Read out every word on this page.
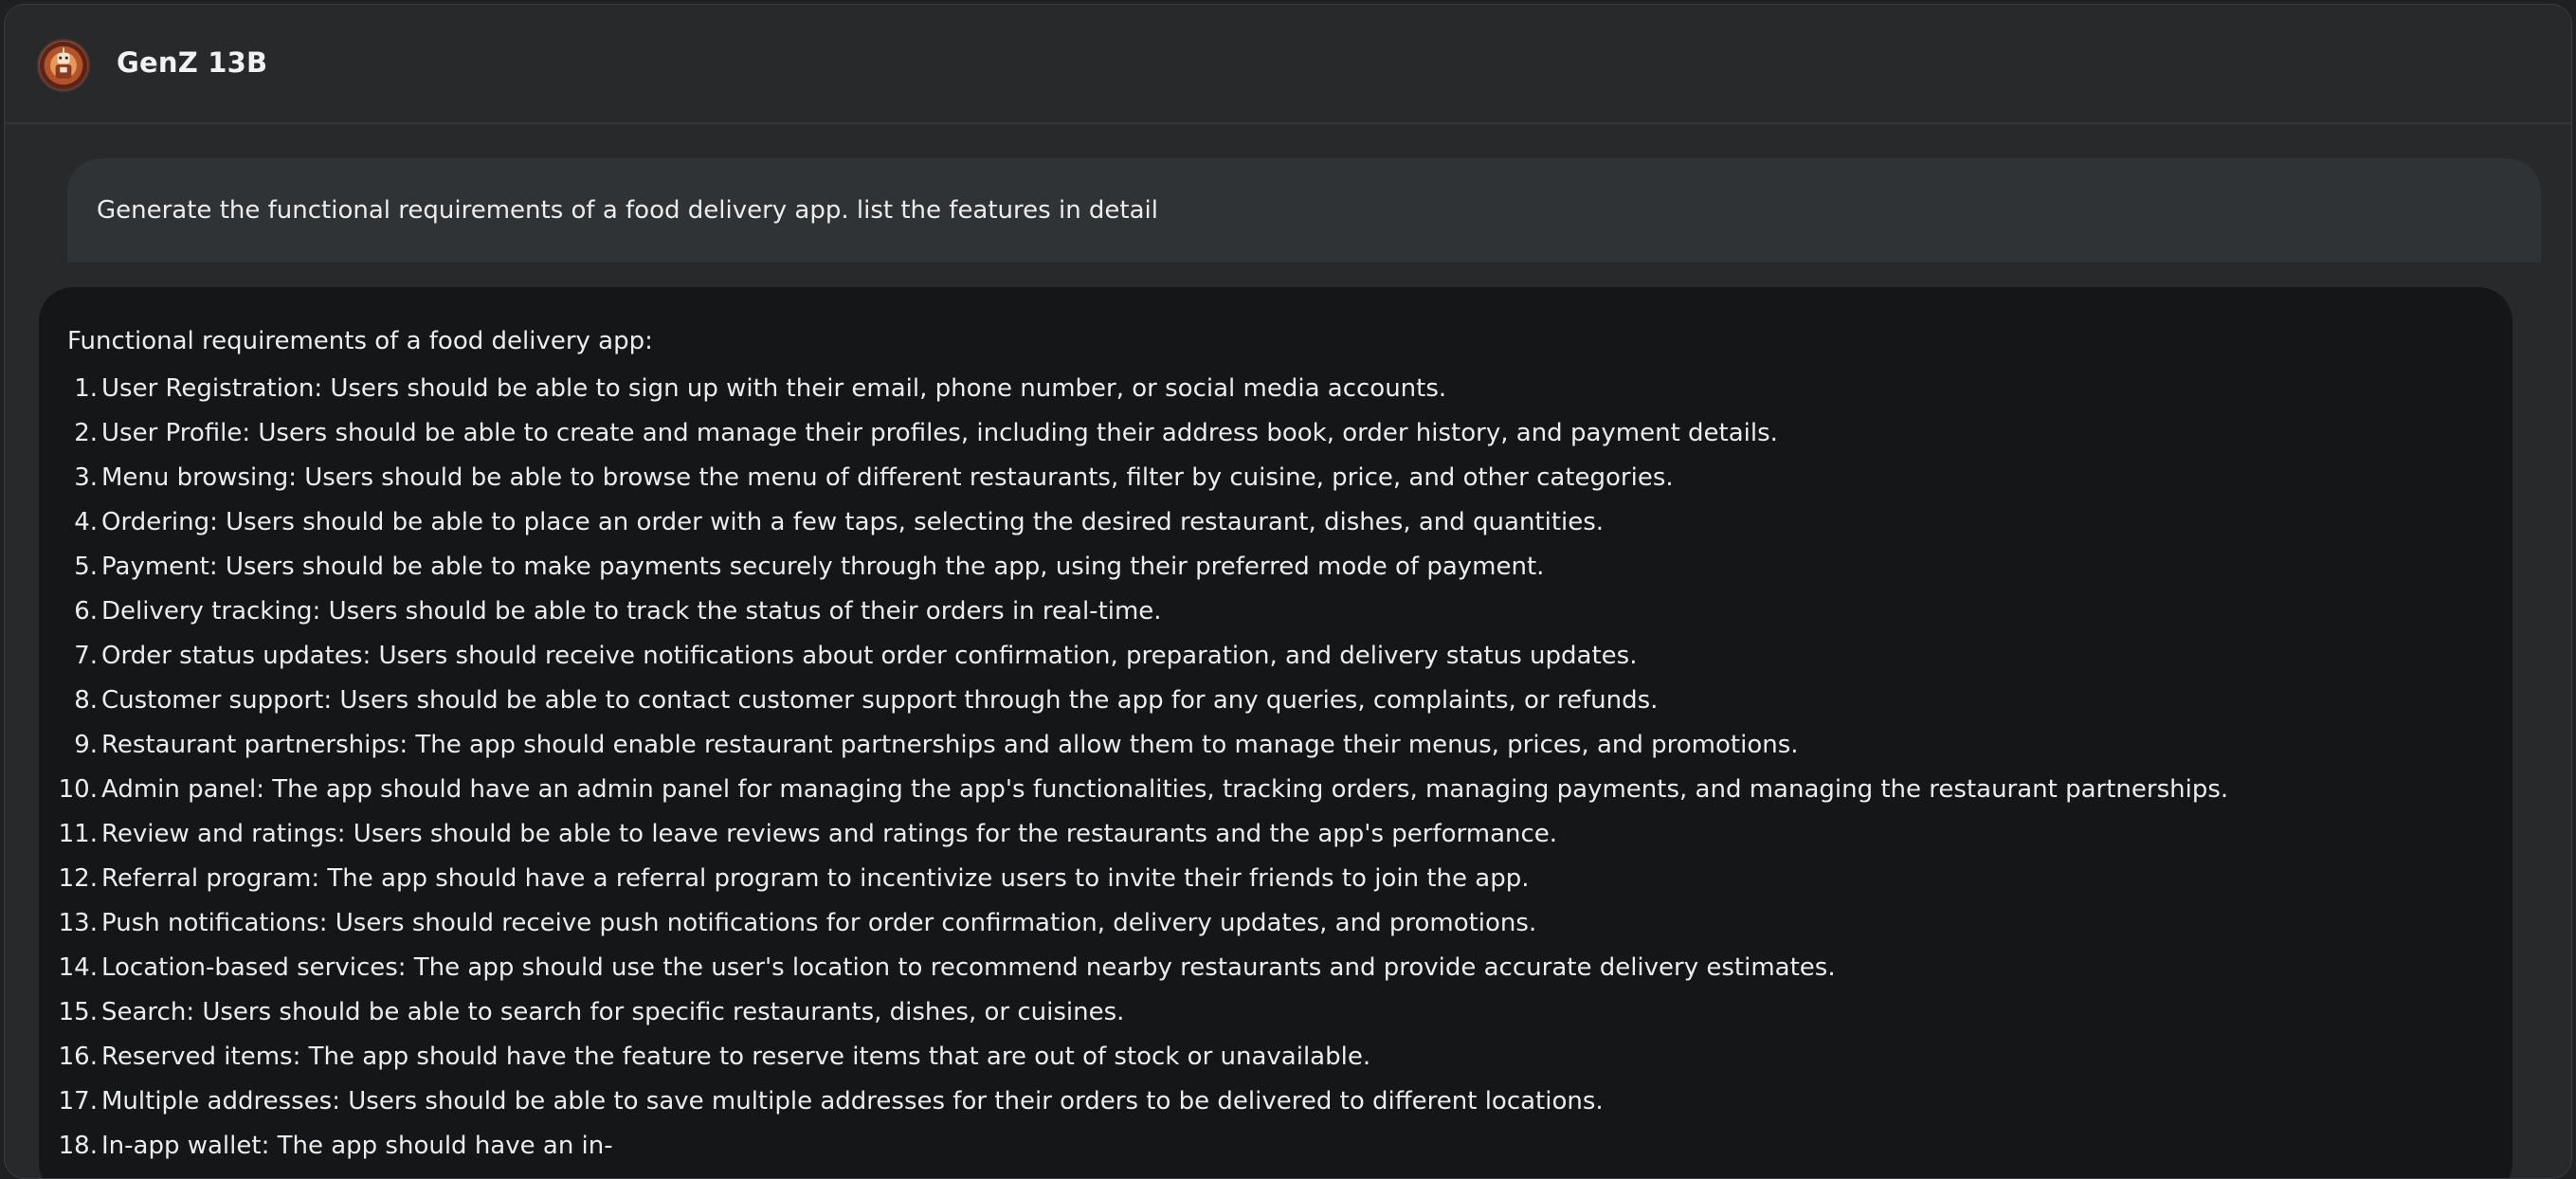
GenZ 13B
Generate the functional requirements of a food delivery app. list the features in detail
Functional requirements of a food delivery app:
1. User Registration: Users should be able to sign up with their email, phone number, or social media accounts.
2. User Profile: Users should be able to create and manage their profiles, including their address book, order history, and payment details.
3. Menu browsing: Users should be able to browse the menu of different restaurants, filter by cuisine, price, and other categories.
4. Ordering: Users should be able to place an order with a few taps, selecting the desired restaurant, dishes, and quantities.
5. Payment: Users should be able to make payments securely through the app, using their preferred mode of payment.
6. Delivery tracking: Users should be able to track the status of their orders in real-time.
7. Order status updates: Users should receive notifications about order confirmation, preparation, and delivery status updates.
8. Customer support: Users should be able to contact customer support through the app for any queries, complaints, or refunds.
9. Restaurant partnerships: The app should enable restaurant partnerships and allow them to manage their menus, prices, and promotions.
10. Admin panel: The app should have an admin panel for managing the app's functionalities, tracking orders, managing payments, and managing the restaurant partnerships.
11. Review and ratings: Users should be able to leave reviews and ratings for the restaurants and the app's performance.
12. Referral program: The app should have a referral program to incentivize users to invite their friends to join the app.
13. Push notifications: Users should receive push notifications for order confirmation, delivery updates, and promotions.
14. Location-based services: The app should use the user's location to recommend nearby restaurants and provide accurate delivery estimates.
15. Search: Users should be able to search for specific restaurants, dishes, or cuisines.
16. Reserved items: The app should have the feature to reserve items that are out of stock or unavailable.
17. Multiple addresses: Users should be able to save multiple addresses for their orders to be delivered to different locations.
18. In-app wallet: The app should have an in-
